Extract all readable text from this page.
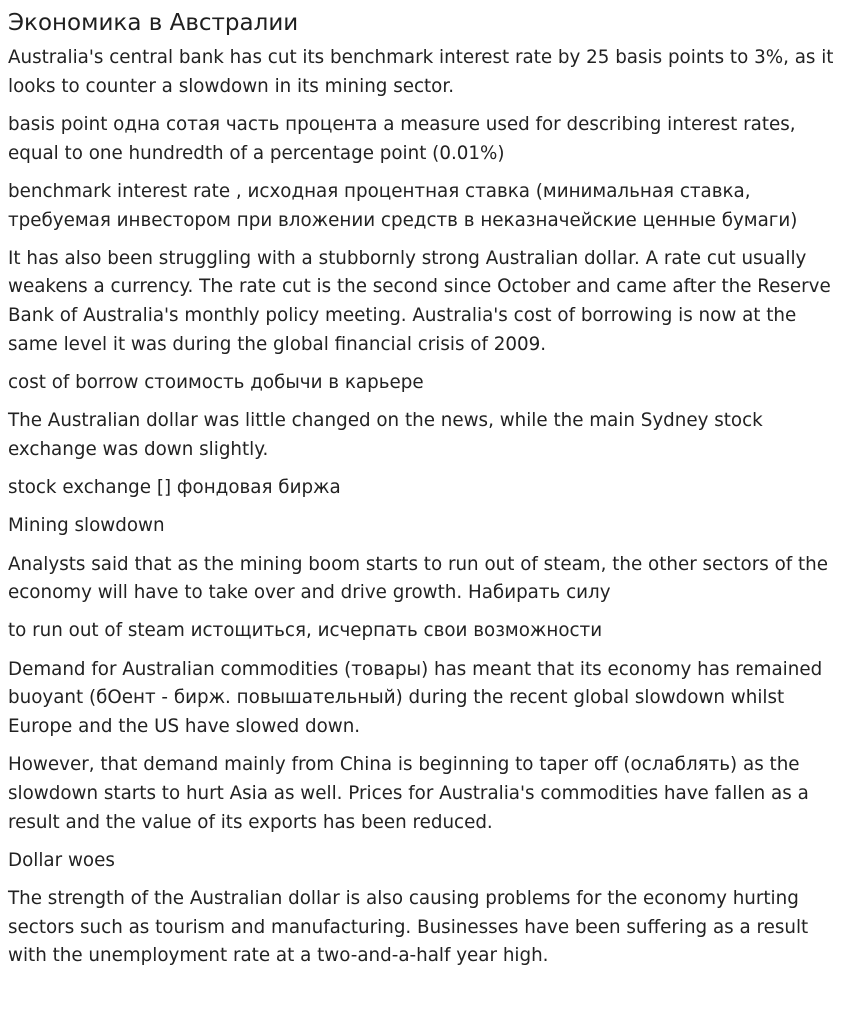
Экономика в Австралии

Australia's central bank has cut its benchmark interest rate by 25 basis points to 3%, as it looks to counter a slowdown in its mining sector.

basis point одна сотая часть процента a measure used for describing interest rates, equal to one hundredth of a percentage point (0.01%)

benchmark interest rate , исходная процентная ставка (минимальная ставка, требуемая инвестором при вложении средств в неказначейские ценные бумаги)

It has also been struggling with a stubbornly strong Australian dollar. A rate cut usually weakens a currency. The rate cut is the second since October and came after the Reserve Bank of Australia's monthly policy meeting. Australia's cost of borrowing is now at the same level it was during the global financial crisis of 2009.

cost of borrow стоимость добычи в карьере

The Australian dollar was little changed on the news, while the main Sydney stock exchange was down slightly.

stock exchange [] фондовая биржа

Mining slowdown

Analysts said that as the mining boom starts to run out of steam, the other sectors of the economy will have to take over and drive growth. Набирать силу

to run out of steam истощиться, исчерпать свои возможности

Demand for Australian commodities (товары) has meant that its economy has remained buoyant (бОент - бирж. повышательный) during the recent global slowdown whilst Europe and the US have slowed down.

However, that demand mainly from China is beginning to taper off (ослаблять) as the slowdown starts to hurt Asia as well. Prices for Australia's commodities have fallen as a result and the value of its exports has been reduced.

Dollar woes

The strength of the Australian dollar is also causing problems for the economy hurting sectors such as tourism and manufacturing. Businesses have been suffering as a result with the unemployment rate at a two-and-a-half year high.
